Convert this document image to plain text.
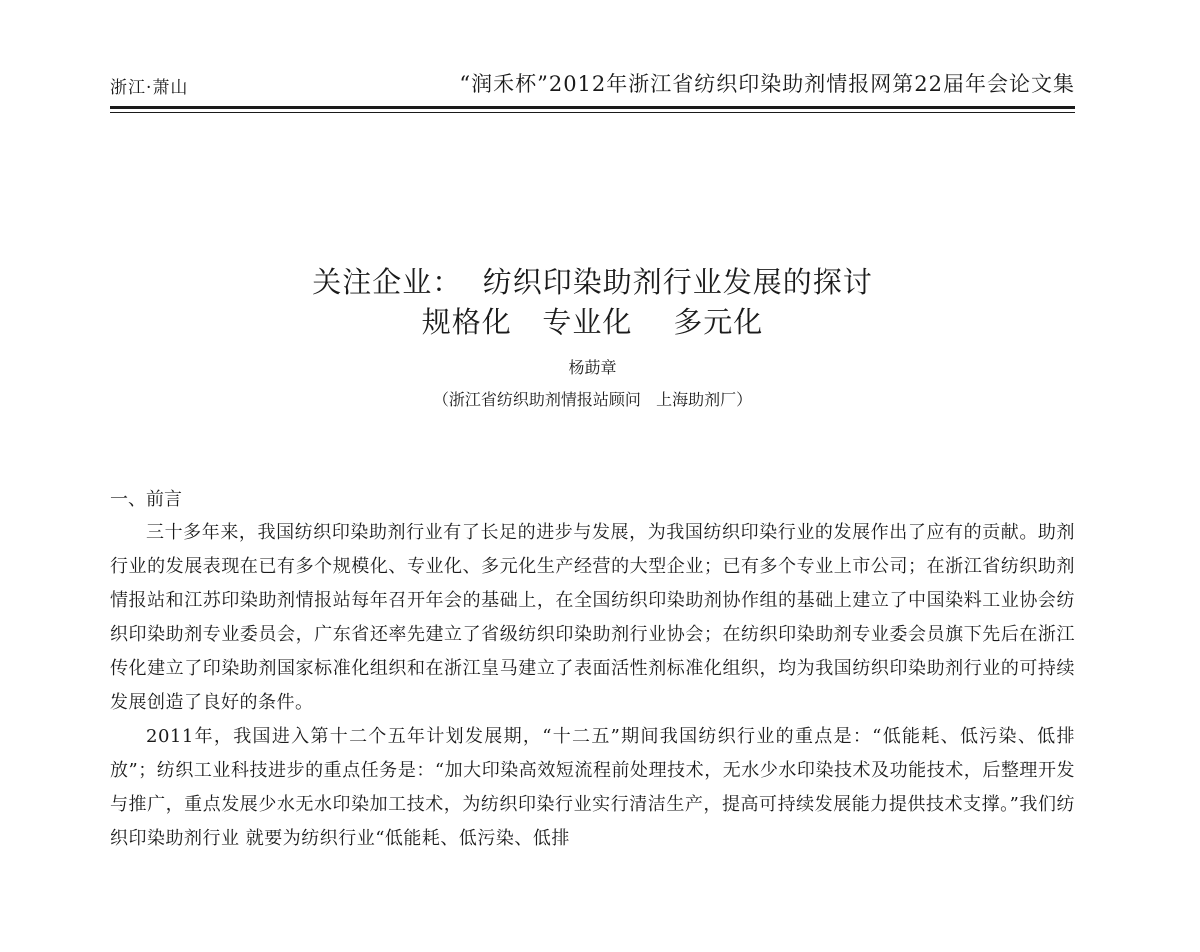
浙江·萧山	“润禾杯”2012年浙江省纺织印染助剂情报网第22届年会论文集
关注企业：  纺织印染助剂行业发展的探讨
规格化   专业化    多元化
杨莇章
（浙江省纺织助剂情报站顾问   上海助剂厂）
一、前言

三十多年来，我国纺织印染助剂行业有了长足的进步与发展，为我国纺织印染行业的发展作出了应有的贡献。助剂行业的发展表现在已有多个规模化、专业化、多元化生产经营的大型企业；已有多个专业上市公司；在浙江省纺织助剂情报站和江苏印染助剂情报站每年召开年会的基础上，在全国纺织印染助剂协作组的基础上建立了中国染料工业协会纺织印染助剂专业委员会，广东省还率先建立了省级纺织印染助剂行业协会；在纺织印染助剂专业委会员旗下先后在浙江传化建立了印染助剂国家标准化组织和在浙江皇马建立了表面活性剂标准化组织，均为我国纺织印染助剂行业的可持续发展创造了良好的条件。

2011年，我国进入第十二个五年计划发展期，“十二五”期间我国纺织行业的重点是：“低能耗、低污染、低排放”；纺织工业科技进步的重点任务是：“加大印染高效短流程前处理技术，无水少水印染技术及功能技术，后整理开发与推广，重点发展少水无水印染加工技术，为纺织印染行业实行清洁生产，提高可持续发展能力提供技术支撑。”我们纺织印染助剂行业 就要为纺织行业“低能耗、低污染、低排
